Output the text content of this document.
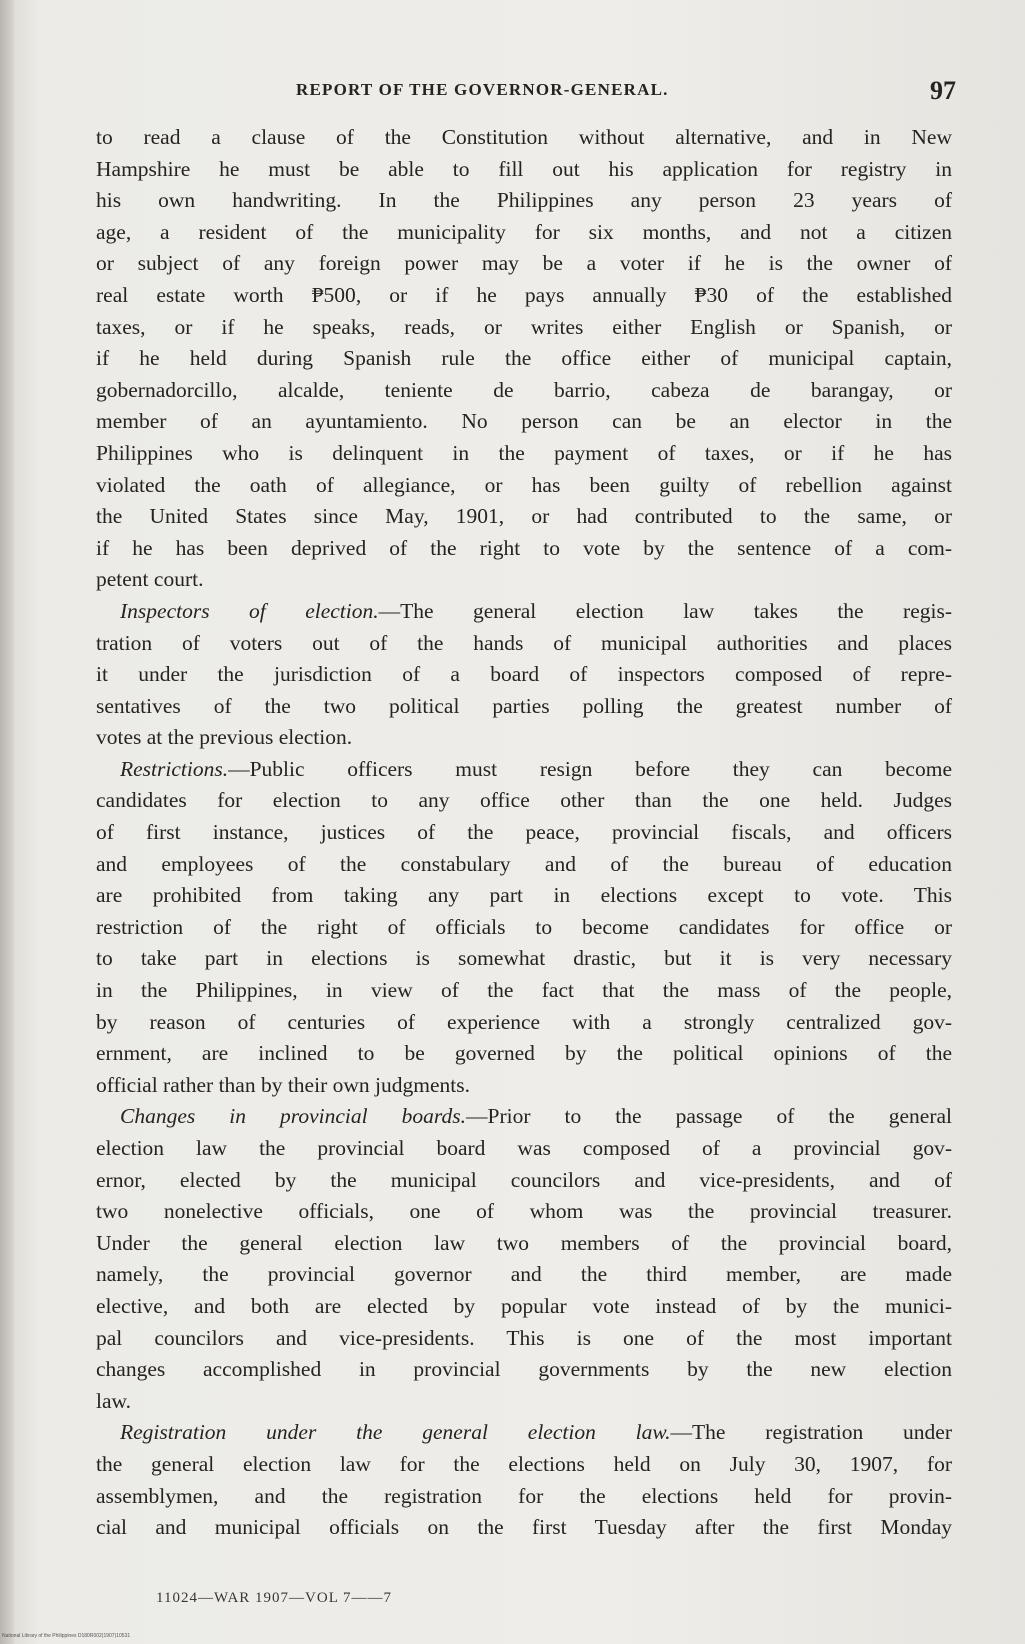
REPORT OF THE GOVERNOR-GENERAL.	97
to read a clause of the Constitution without alternative, and in New
Hampshire he must be able to fill out his application for registry in
his own handwriting. In the Philippines any person 23 years of
age, a resident of the municipality for six months, and not a citizen
or subject of any foreign power may be a voter if he is the owner of
real estate worth ₱500, or if he pays annually ₱30 of the established
taxes, or if he speaks, reads, or writes either English or Spanish, or
if he held during Spanish rule the office either of municipal captain,
gobernadorcillo, alcalde, teniente de barrio, cabeza de barangay, or
member of an ayuntamiento. No person can be an elector in the
Philippines who is delinquent in the payment of taxes, or if he has
violated the oath of allegiance, or has been guilty of rebellion against
the United States since May, 1901, or had contributed to the same, or
if he has been deprived of the right to vote by the sentence of a com-
petent court.
Inspectors of election.—The general election law takes the regis-
tration of voters out of the hands of municipal authorities and places
it under the jurisdiction of a board of inspectors composed of repre-
sentatives of the two political parties polling the greatest number of
votes at the previous election.
Restrictions.—Public officers must resign before they can become
candidates for election to any office other than the one held. Judges
of first instance, justices of the peace, provincial fiscals, and officers
and employees of the constabulary and of the bureau of education
are prohibited from taking any part in elections except to vote. This
restriction of the right of officials to become candidates for office or
to take part in elections is somewhat drastic, but it is very necessary
in the Philippines, in view of the fact that the mass of the people,
by reason of centuries of experience with a strongly centralized gov-
ernment, are inclined to be governed by the political opinions of the
official rather than by their own judgments.
Changes in provincial boards.—Prior to the passage of the general
election law the provincial board was composed of a provincial gov-
ernor, elected by the municipal councilors and vice-presidents, and of
two nonelective officials, one of whom was the provincial treasurer.
Under the general election law two members of the provincial board,
namely, the provincial governor and the third member, are made
elective, and both are elected by popular vote instead of by the munici-
pal councilors and vice-presidents. This is one of the most important
changes accomplished in provincial governments by the new election
law.
Registration under the general election law.—The registration under
the general election law for the elections held on July 30, 1907, for
assemblymen, and the registration for the elections held for provin-
cial and municipal officials on the first Tuesday after the first Monday
11024—WAR 1907—VOL 7——7
National Library of the Philippines D180R002(1907)10531
